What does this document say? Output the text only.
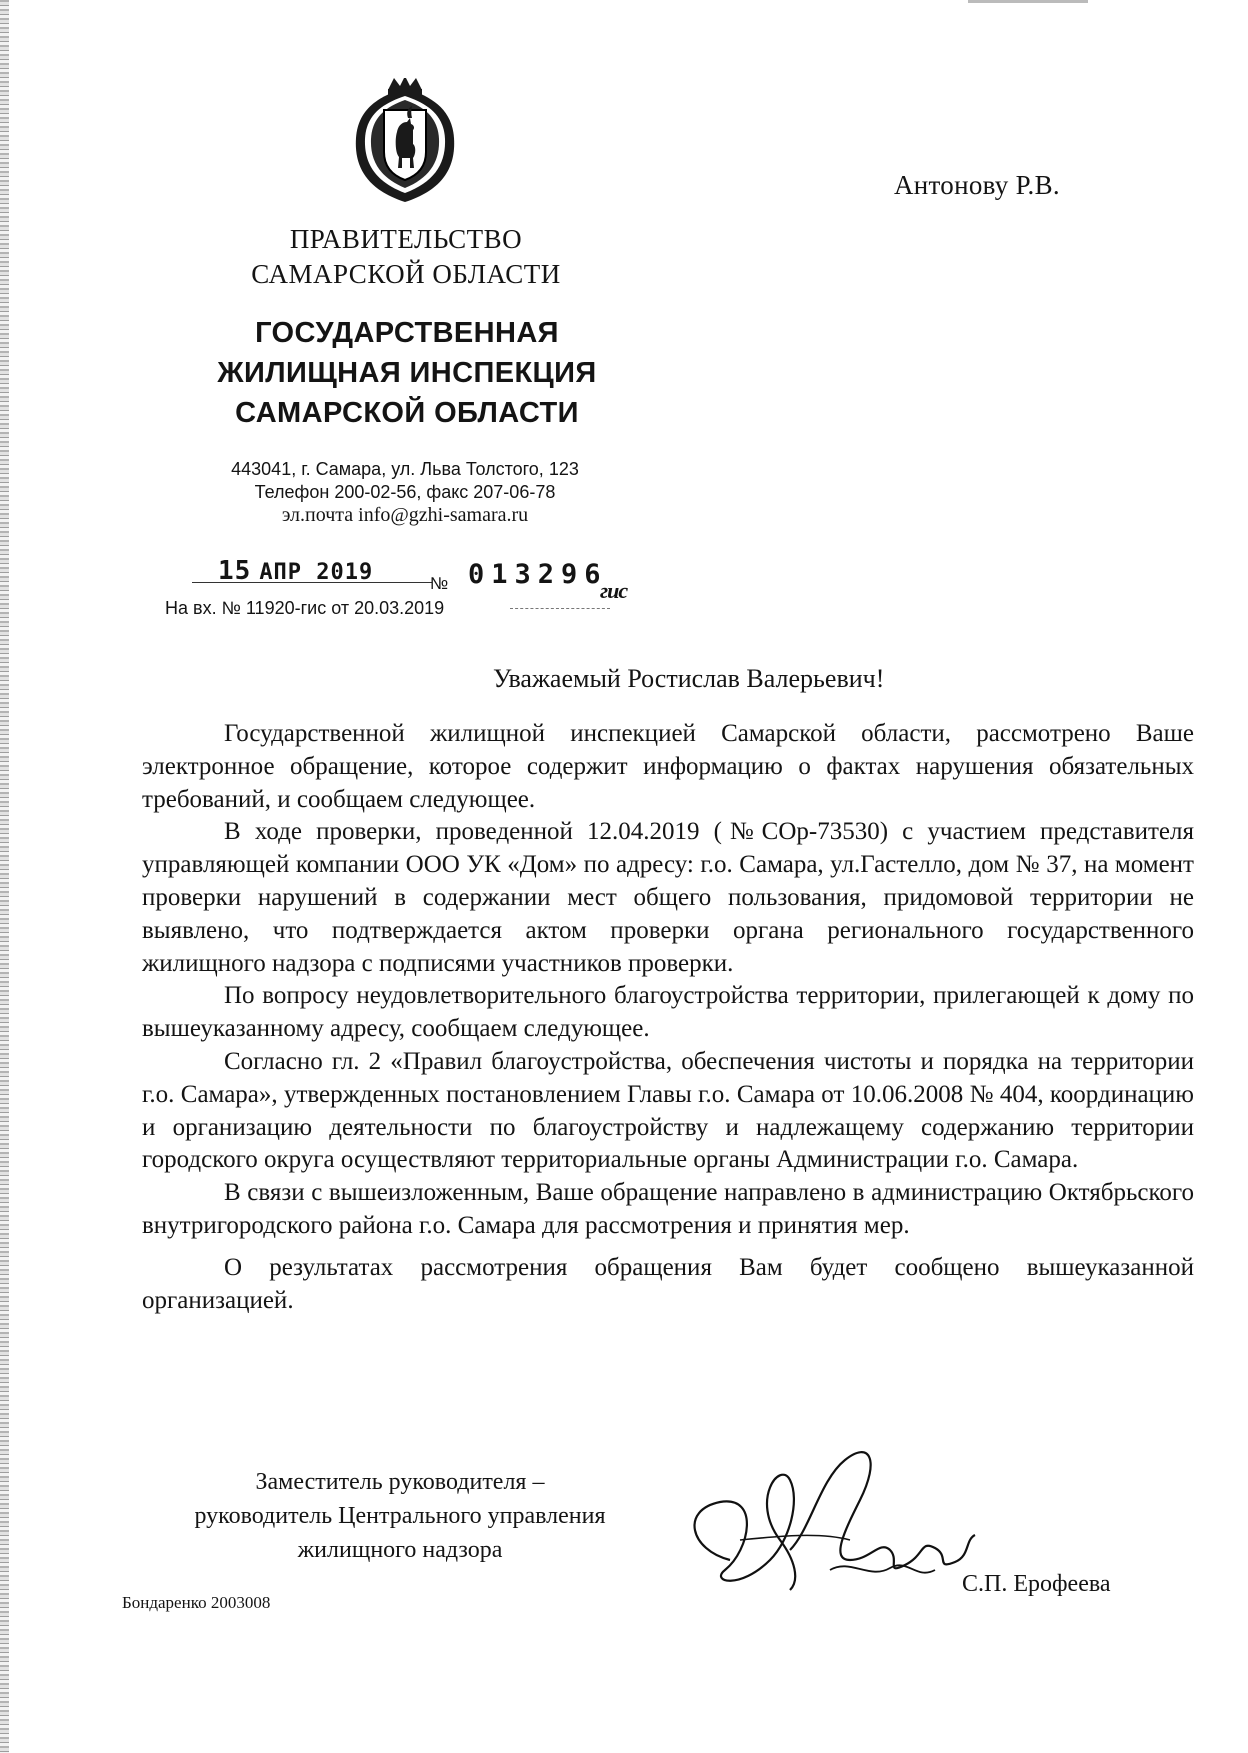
Антонову Р.В.
ПРАВИТЕЛЬСТВО
САМАРСКОЙ ОБЛАСТИ
ГОСУДАРСТВЕННАЯ
ЖИЛИЩНАЯ ИНСПЕКЦИЯ
САМАРСКОЙ ОБЛАСТИ
443041, г. Самара, ул. Льва Толстого, 123
Телефон 200-02-56, факс 207-06-78
эл.почта info@gzhi-samara.ru
15 АПР 2019	№ 013296
гис
На вх. № 11920-гис от 20.03.2019
Уважаемый Ростислав Валерьевич!

Государственной жилищной инспекцией Самарской области, рассмотрено Ваше электронное обращение, которое содержит информацию о фактах нарушения обязательных требований, и сообщаем следующее.

В ходе проверки, проведенной 12.04.2019 (№СОр-73530) с участием представителя управляющей компании ООО УК «Дом» по адресу: г.о. Самара, ул.Гастелло, дом № 37, на момент проверки нарушений в содержании мест общего пользования, придомовой территории не выявлено, что подтверждается актом проверки органа регионального государственного жилищного надзора с подписями участников проверки.

По вопросу неудовлетворительного благоустройства территории, прилегающей к дому по вышеуказанному адресу, сообщаем следующее.

Согласно гл. 2 «Правил благоустройства, обеспечения чистоты и порядка на территории г.о. Самара», утвержденных постановлением Главы г.о. Самара от 10.06.2008 № 404, координацию и организацию деятельности по благоустройству и надлежащему содержанию территории городского округа осуществляют территориальные органы Администрации г.о. Самара.

В связи с вышеизложенным, Ваше обращение направлено в администрацию Октябрьского внутригородского района г.о. Самара для рассмотрения и принятия мер.

О результатах рассмотрения обращения Вам будет сообщено вышеуказанной организацией.

Заместитель руководителя –
руководитель Центрального управления
жилищного надзора
С.П. Ерофеева
Бондаренко 2003008
